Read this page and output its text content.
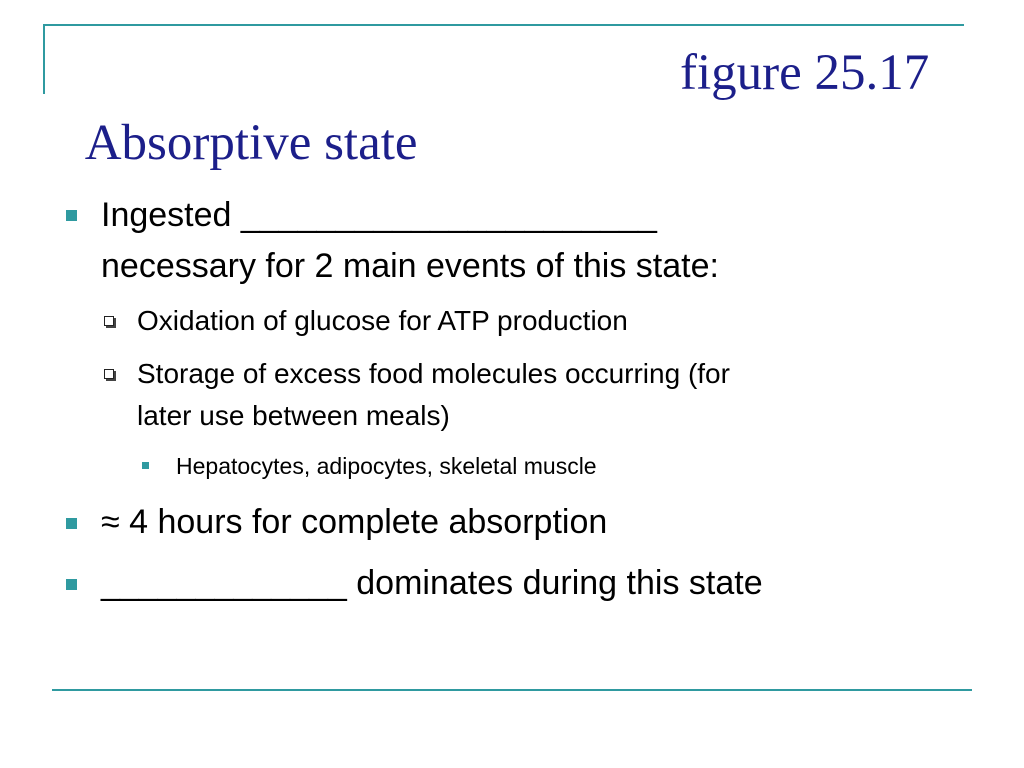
Absorptive state

figure 25.17

Ingested ______________________
necessary for 2 main events of this state:
Oxidation of glucose for ATP production
Storage of excess food molecules occurring (for
later use between meals)
Hepatocytes, adipocytes, skeletal muscle
≈ 4 hours for complete absorption
_____________ dominates during this state
